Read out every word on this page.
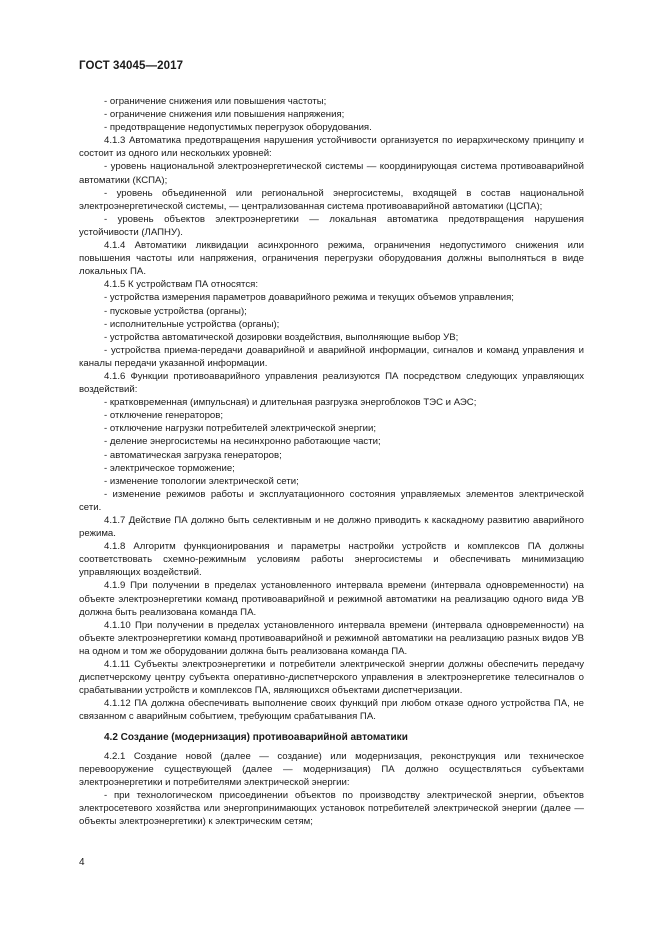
ГОСТ 34045—2017

- ограничение снижения или повышения частоты;

- ограничение снижения или повышения напряжения;

- предотвращение недопустимых перегрузок оборудования.

4.1.3 Автоматика предотвращения нарушения устойчивости организуется по иерархическому принципу и состоит из одного или нескольких уровней:

- уровень национальной электроэнергетической системы — координирующая система противоаварийной автоматики (КСПА);

- уровень объединенной или региональной энергосистемы, входящей в состав национальной электроэнергетической системы, — централизованная система противоаварийной автоматики (ЦСПА);

- уровень объектов электроэнергетики — локальная автоматика предотвращения нарушения устойчивости (ЛАПНУ).

4.1.4 Автоматики ликвидации асинхронного режима, ограничения недопустимого снижения или повышения частоты или напряжения, ограничения перегрузки оборудования должны выполняться в виде локальных ПА.

4.1.5 К устройствам ПА относятся:

- устройства измерения параметров доаварийного режима и текущих объемов управления;

- пусковые устройства (органы);

- исполнительные устройства (органы);

- устройства автоматической дозировки воздействия, выполняющие выбор УВ;

- устройства приема-передачи доаварийной и аварийной информации, сигналов и команд управления и каналы передачи указанной информации.

4.1.6 Функции противоаварийного управления реализуются ПА посредством следующих управляющих воздействий:

- кратковременная (импульсная) и длительная разгрузка энергоблоков ТЭС и АЭС;

- отключение генераторов;

- отключение нагрузки потребителей электрической энергии;

- деление энергосистемы на несинхронно работающие части;

- автоматическая загрузка генераторов;

- электрическое торможение;

- изменение топологии электрической сети;

- изменение режимов работы и эксплуатационного состояния управляемых элементов электрической сети.

4.1.7 Действие ПА должно быть селективным и не должно приводить к каскадному развитию аварийного режима.

4.1.8 Алгоритм функционирования и параметры настройки устройств и комплексов ПА должны соответствовать схемно-режимным условиям работы энергосистемы и обеспечивать минимизацию управляющих воздействий.

4.1.9 При получении в пределах установленного интервала времени (интервала одновременности) на объекте электроэнергетики команд противоаварийной и режимной автоматики на реализацию одного вида УВ должна быть реализована команда ПА.

4.1.10 При получении в пределах установленного интервала времени (интервала одновременности) на объекте электроэнергетики команд противоаварийной и режимной автоматики на реализацию разных видов УВ на одном и том же оборудовании должна быть реализована команда ПА.

4.1.11 Субъекты электроэнергетики и потребители электрической энергии должны обеспечить передачу диспетчерскому центру субъекта оперативно-диспетчерского управления в электроэнергетике телесигналов о срабатывании устройств и комплексов ПА, являющихся объектами диспетчеризации.

4.1.12 ПА должна обеспечивать выполнение своих функций при любом отказе одного устройства ПА, не связанном с аварийным событием, требующим срабатывания ПА.

4.2 Создание (модернизация) противоаварийной автоматики

4.2.1 Создание новой (далее — создание) или модернизация, реконструкция или техническое перевооружение существующей (далее — модернизация) ПА должно осуществляться субъектами электроэнергетики и потребителями электрической энергии:

- при технологическом присоединении объектов по производству электрической энергии, объектов электросетевого хозяйства или энергопринимающих установок потребителей электрической энергии (далее — объекты электроэнергетики) к электрическим сетям;

4
